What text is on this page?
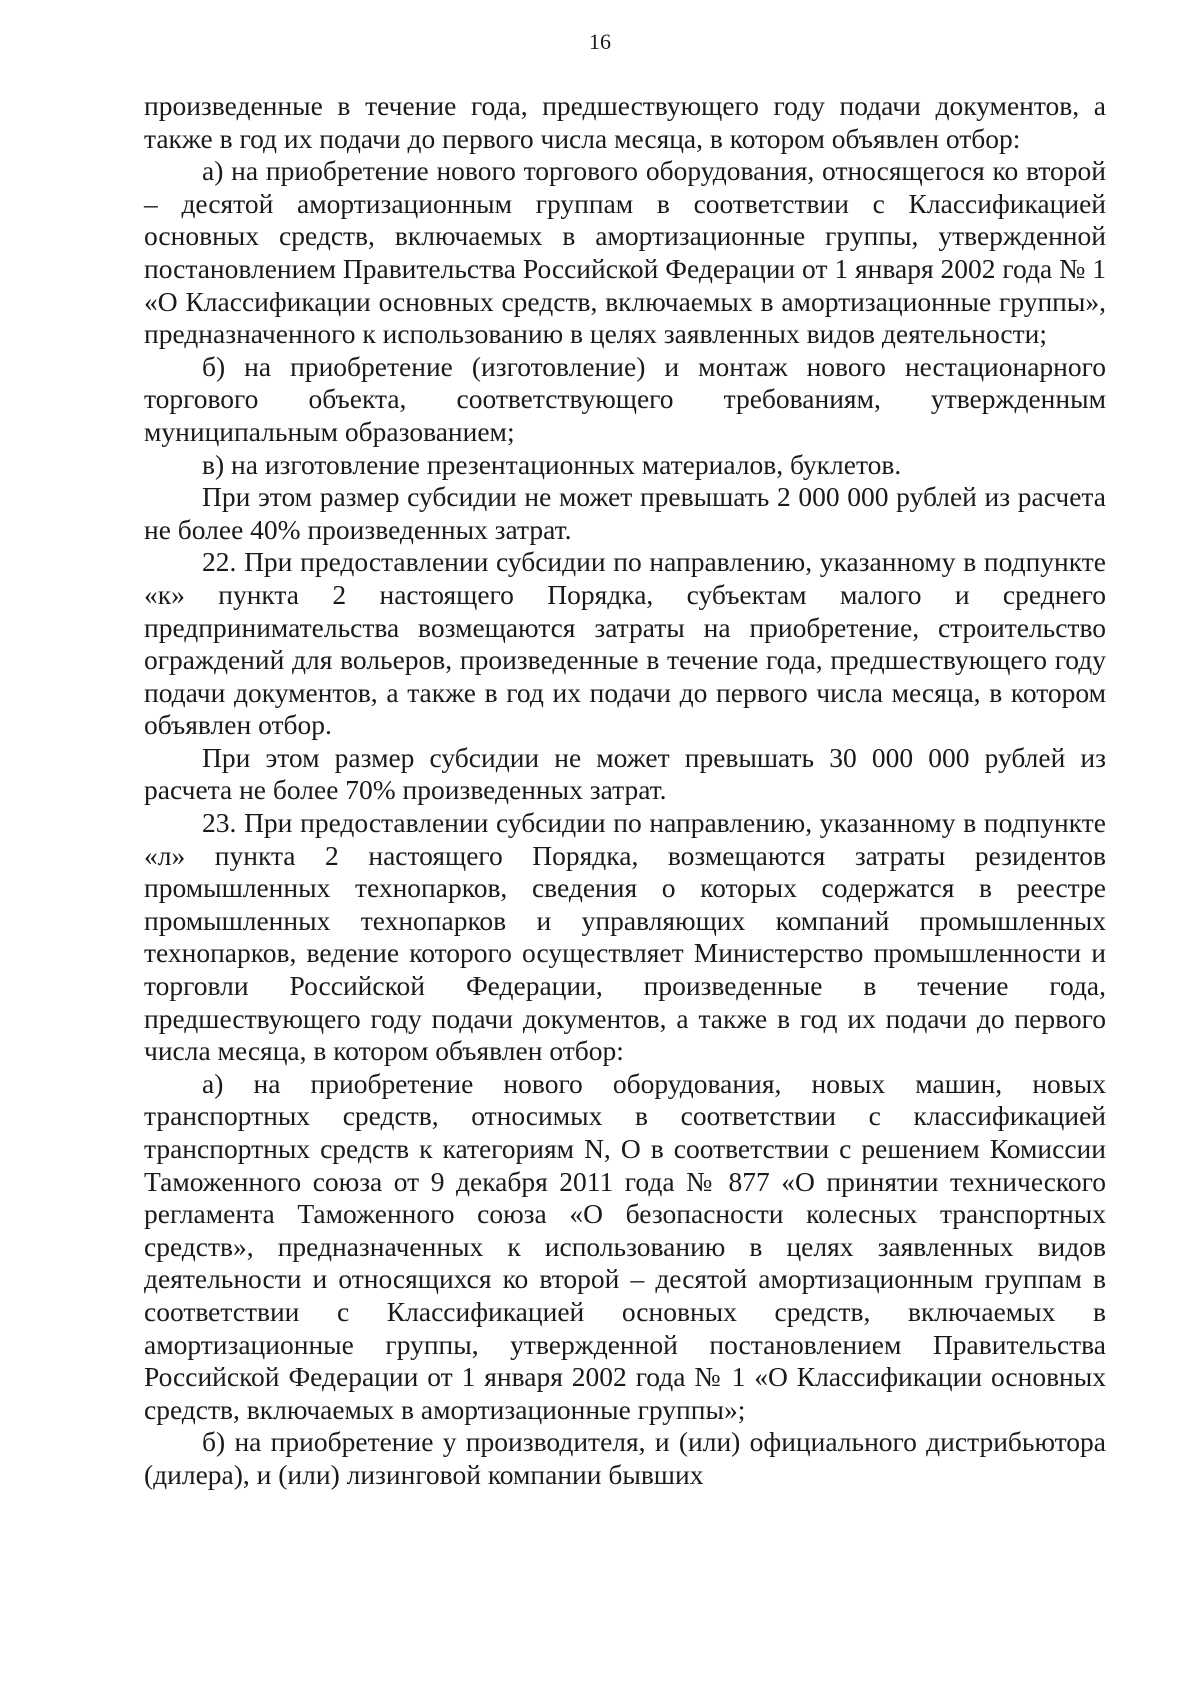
16

произведенные в течение года, предшествующего году подачи документов, а также в год их подачи до первого числа месяца, в котором объявлен отбор:

а) на приобретение нового торгового оборудования, относящегося ко второй – десятой амортизационным группам в соответствии с Классификацией основных средств, включаемых в амортизационные группы, утвержденной постановлением Правительства Российской Федерации от 1 января 2002 года № 1 «О Классификации основных средств, включаемых в амортизационные группы», предназначенного к использованию в целях заявленных видов деятельности;

б) на приобретение (изготовление) и монтаж нового нестационарного торгового объекта, соответствующего требованиям, утвержденным муниципальным образованием;

в) на изготовление презентационных материалов, буклетов.

При этом размер субсидии не может превышать 2 000 000 рублей из расчета не более 40% произведенных затрат.

22. При предоставлении субсидии по направлению, указанному в подпункте «к» пункта 2 настоящего Порядка, субъектам малого и среднего предпринимательства возмещаются затраты на приобретение, строительство ограждений для вольеров, произведенные в течение года, предшествующего году подачи документов, а также в год их подачи до первого числа месяца, в котором объявлен отбор.

При этом размер субсидии не может превышать 30 000 000 рублей из расчета не более 70% произведенных затрат.

23. При предоставлении субсидии по направлению, указанному в подпункте «л» пункта 2 настоящего Порядка, возмещаются затраты резидентов промышленных технопарков, сведения о которых содержатся в реестре промышленных технопарков и управляющих компаний промышленных технопарков, ведение которого осуществляет Министерство промышленности и торговли Российской Федерации, произведенные в течение года, предшествующего году подачи документов, а также в год их подачи до первого числа месяца, в котором объявлен отбор:

а) на приобретение нового оборудования, новых машин, новых транспортных средств, относимых в соответствии с классификацией транспортных средств к категориям N, O в соответствии с решением Комиссии Таможенного союза от 9 декабря 2011 года № 877 «О принятии технического регламента Таможенного союза «О безопасности колесных транспортных средств», предназначенных к использованию в целях заявленных видов деятельности и относящихся ко второй – десятой амортизационным группам в соответствии с Классификацией основных средств, включаемых в амортизационные группы, утвержденной постановлением Правительства Российской Федерации от 1 января 2002 года № 1 «О Классификации основных средств, включаемых в амортизационные группы»;

б) на приобретение у производителя, и (или) официального дистрибьютора (дилера), и (или) лизинговой компании бывших
